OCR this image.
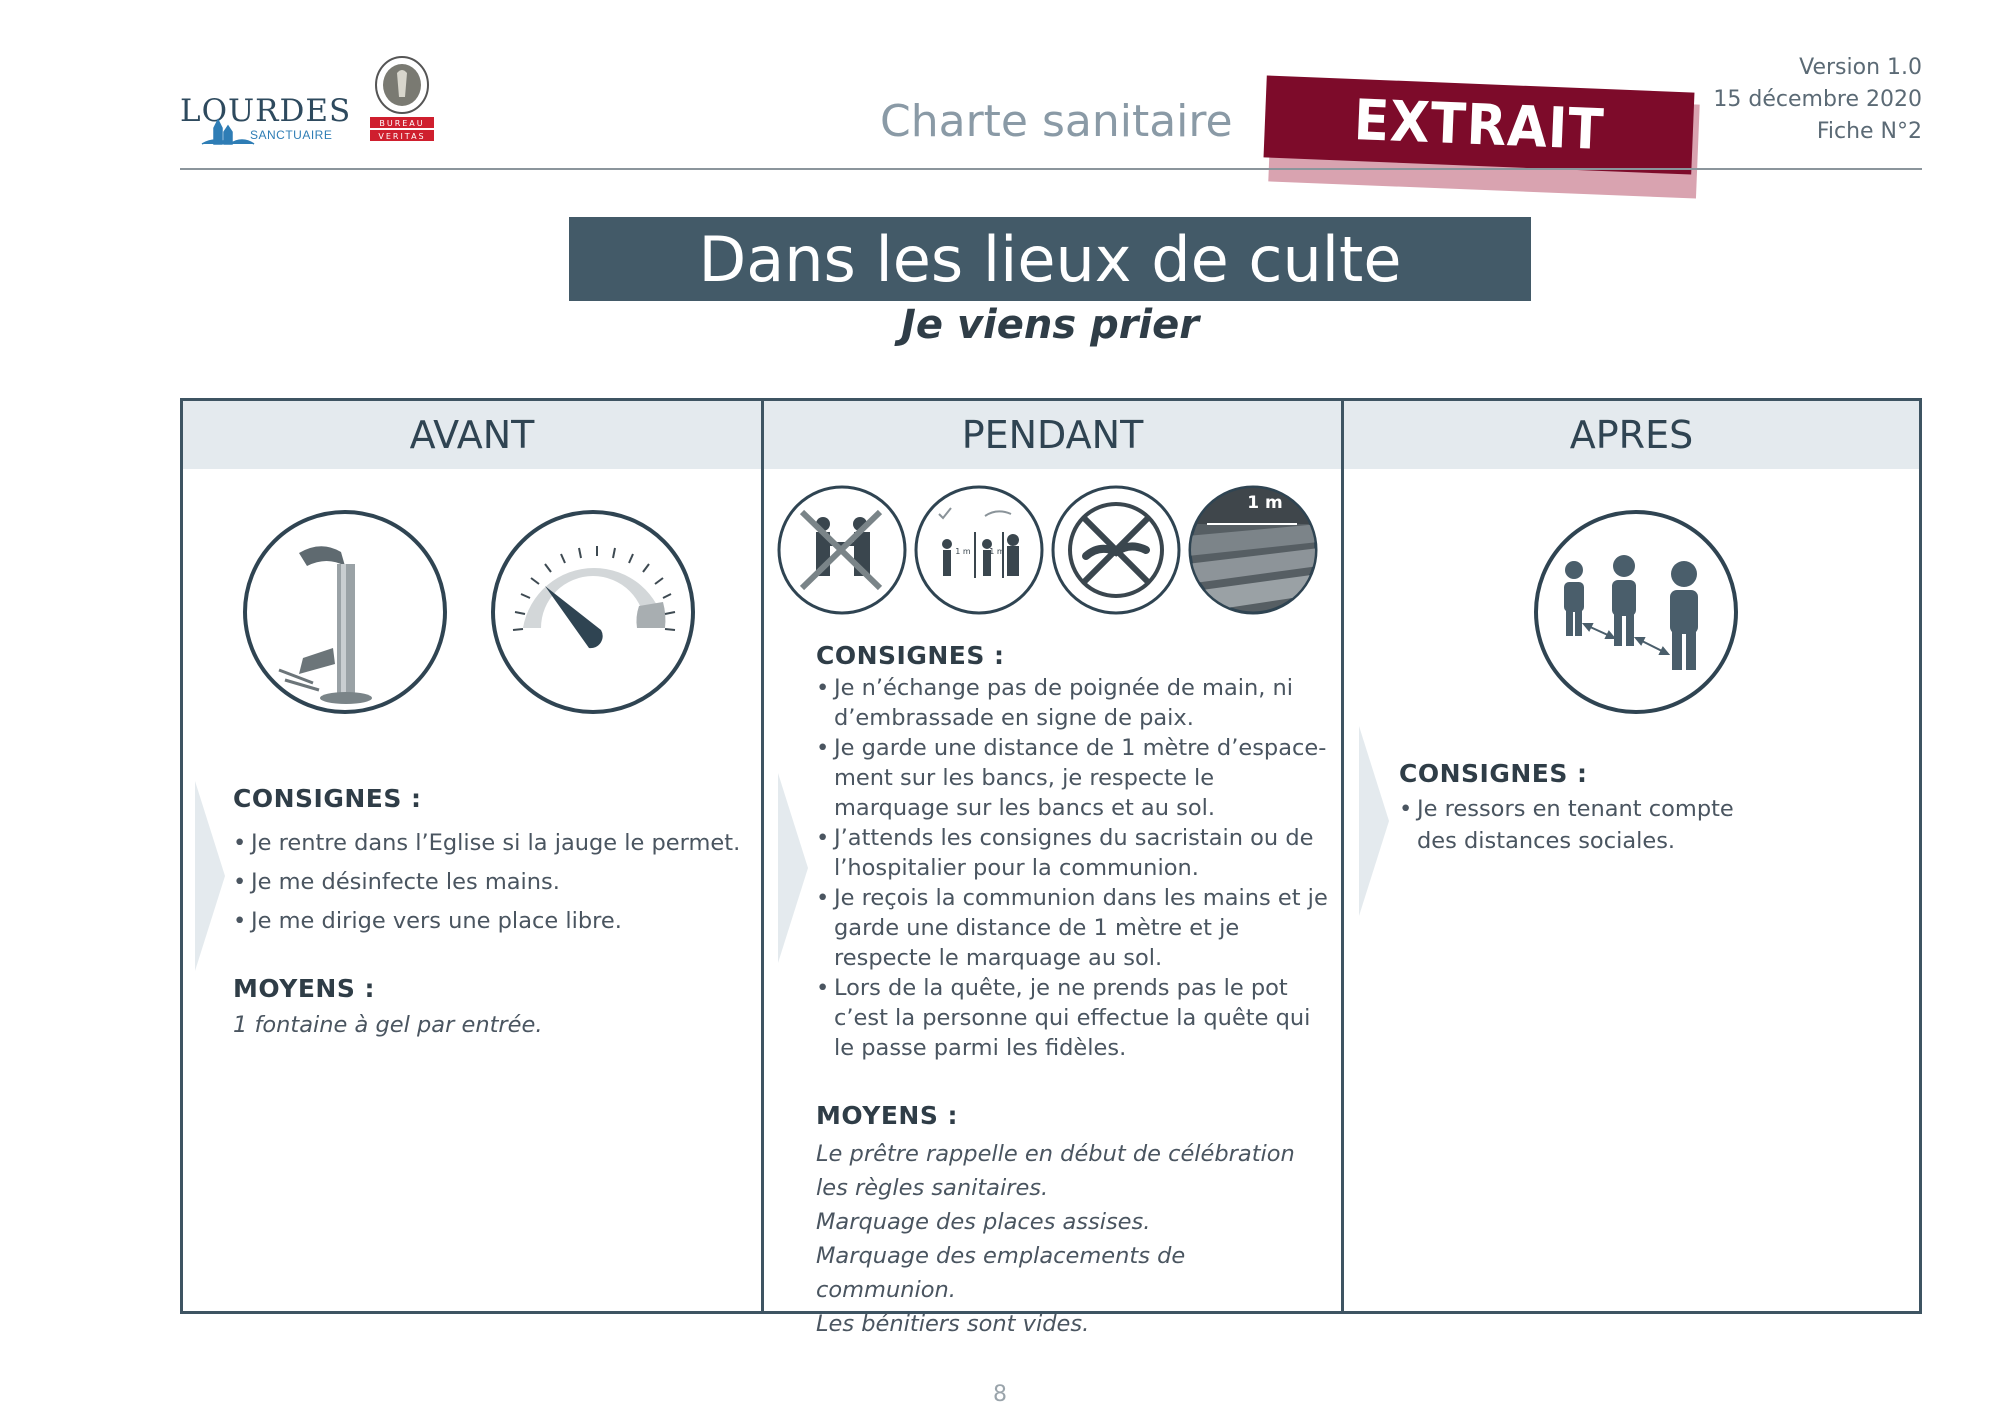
LOURDES
SANCTUAIRE
BUREAU
VERITAS	Charte sanitaire EXTRAIT
Version 1.0
15 décembre 2020
Fiche N°2
Dans les lieux de culte
Je viens prier
AVANT
CONSIGNES :
• Je rentre dans l’Eglise si la jauge le permet.
• Je me désinfecte les mains.
• Je me dirige vers une place libre.
MOYENS :
1 fontaine à gel par entrée.
PENDANT
1 m 1 m
1 m
CONSIGNES :
• Je n’échange pas de poignée de main, ni d’embrassade en signe de paix.
• Je garde une distance de 1 mètre d’espace-ment sur les bancs, je respecte le marquage sur les bancs et au sol.
• J’attends les consignes du sacristain ou de l’hospitalier pour la communion.
• Je reçois la communion dans les mains et je garde une distance de 1 mètre et je respecte le marquage au sol.
• Lors de la quête, je ne prends pas le pot c’est la personne qui effectue la quête qui le passe parmi les fidèles.
MOYENS :
Le prêtre rappelle en début de célébration les règles sanitaires.
Marquage des places assises.
Marquage des emplacements de communion.
Les bénitiers sont vides.
APRES
CONSIGNES :
• Je ressors en tenant compte des distances sociales.
8
